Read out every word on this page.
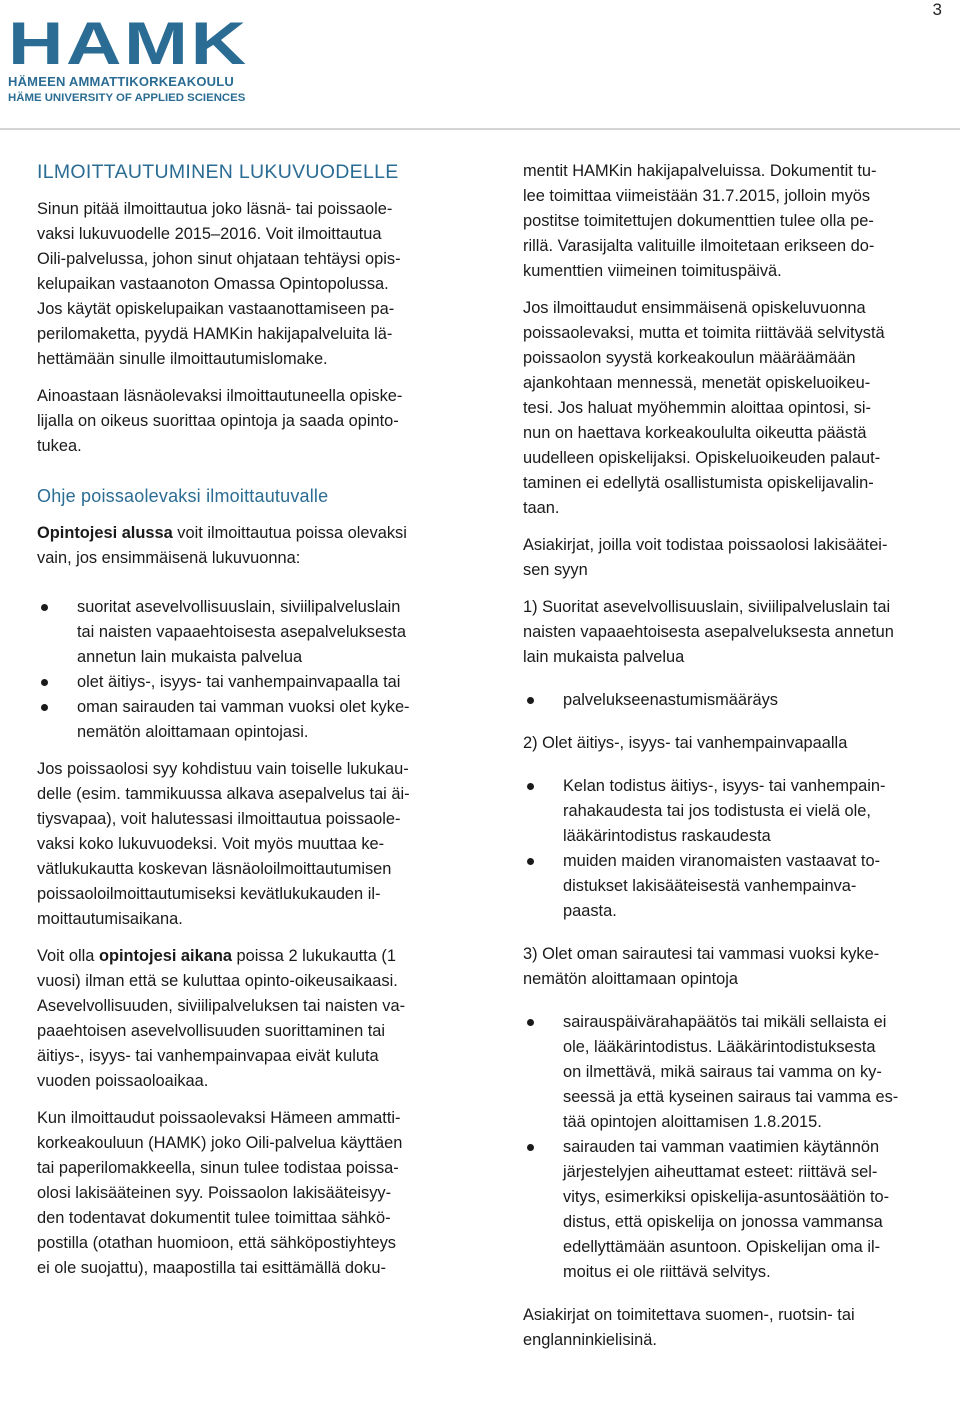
3
HAMK
HÄMEEN AMMATTIKORKEAKOULU
HÄME UNIVERSITY OF APPLIED SCIENCES

ILMOITTAUTUMINEN LUKUVUODELLE

Sinun pitää ilmoittautua joko läsnä- tai poissaole-
vaksi lukuvuodelle 2015–2016. Voit ilmoittautua
Oili-palvelussa, johon sinut ohjataan tehtäysi opis-
kelupaikan vastaanoton Omassa Opintopolussa.
Jos käytät opiskelupaikan vastaanottamiseen pa-
perilomaketta, pyydä HAMKin hakijapalveluita lä-
hettämään sinulle ilmoittautumislomake.

Ainoastaan läsnäolevaksi ilmoittautuneella opiske-
lijalla on oikeus suorittaa opintoja ja saada opinto-
tukea.

Ohje poissaolevaksi ilmoittautuvalle

Opintojesi alussa voit ilmoittautua poissa olevaksi
vain, jos ensimmäisenä lukuvuonna:

suoritat asevelvollisuuslain, siviilipalveluslain
tai naisten vapaaehtoisesta asepalveluksesta
annetun lain mukaista palvelua
olet äitiys-, isyys- tai vanhempainvapaalla tai
oman sairauden tai vamman vuoksi olet kyke-
nemätön aloittamaan opintojasi.

Jos poissaolosi syy kohdistuu vain toiselle lukukau-
delle (esim. tammikuussa alkava asepalvelus tai äi-
tiysvapaa), voit halutessasi ilmoittautua poissaole-
vaksi koko lukuvuodeksi. Voit myös muuttaa ke-
vätlukukautta koskevan läsnäoloilmoittautumisen
poissaoloilmoittautumiseksi kevätlukukauden il-
moittautumisaikana.

Voit olla opintojesi aikana poissa 2 lukukautta (1
vuosi) ilman että se kuluttaa opinto-oikeusaikaasi.
Asevelvollisuuden, siviilipalveluksen tai naisten va-
paaehtoisen asevelvollisuuden suorittaminen tai
äitiys-, isyys- tai vanhempainvapaa eivät kuluta
vuoden poissaoloaikaa.

Kun ilmoittaudut poissaolevaksi Hämeen ammatti-
korkeakouluun (HAMK) joko Oili-palvelua käyttäen
tai paperilomakkeella, sinun tulee todistaa poissa-
olosi lakisääteinen syy. Poissaolon lakisääteisyy-
den todentavat dokumentit tulee toimittaa sähkö-
postilla (otathan huomioon, että sähköpostiyhteys
ei ole suojattu), maapostilla tai esittämällä doku-

mentit HAMKin hakijapalveluissa. Dokumentit tu-
lee toimittaa viimeistään 31.7.2015, jolloin myös
postitse toimitettujen dokumenttien tulee olla pe-
rillä. Varasijalta valituille ilmoitetaan erikseen do-
kumenttien viimeinen toimituspäivä.

Jos ilmoittaudut ensimmäisenä opiskeluvuonna
poissaolevaksi, mutta et toimita riittävää selvitystä
poissaolon syystä korkeakoulun määräämään
ajankohtaan mennessä, menetät opiskeluoikeu-
tesi. Jos haluat myöhemmin aloittaa opintosi, si-
nun on haettava korkeakoululta oikeutta päästä
uudelleen opiskelijaksi. Opiskeluoikeuden palaut-
taminen ei edellytä osallistumista opiskelijavalin-
taan.

Asiakirjat, joilla voit todistaa poissaolosi lakisäätei-
sen syyn

1) Suoritat asevelvollisuuslain, siviilipalveluslain tai
naisten vapaaehtoisesta asepalveluksesta annetun
lain mukaista palvelua

palvelukseenastumismääräys

2) Olet äitiys-, isyys- tai vanhempainvapaalla

Kelan todistus äitiys-, isyys- tai vanhempain-
rahakaudesta tai jos todistusta ei vielä ole,
lääkärintodistus raskaudesta
muiden maiden viranomaisten vastaavat to-
distukset lakisääteisestä vanhempainva-
paasta.

3) Olet oman sairautesi tai vammasi vuoksi kyke-
nemätön aloittamaan opintoja

sairauspäivärahapäätös tai mikäli sellaista ei
ole, lääkärintodistus. Lääkärintodistuksesta
on ilmettävä, mikä sairaus tai vamma on ky-
seessä ja että kyseinen sairaus tai vamma es-
tää opintojen aloittamisen 1.8.2015.
sairauden tai vamman vaatimien käytännön
järjestelyjen aiheuttamat esteet: riittävä sel-
vitys, esimerkiksi opiskelija-asuntosäätiön to-
distus, että opiskelija on jonossa vammansa
edellyttämään asuntoon. Opiskelijan oma il-
moitus ei ole riittävä selvitys.

Asiakirjat on toimitettava suomen-, ruotsin- tai
englanninkielisinä.
